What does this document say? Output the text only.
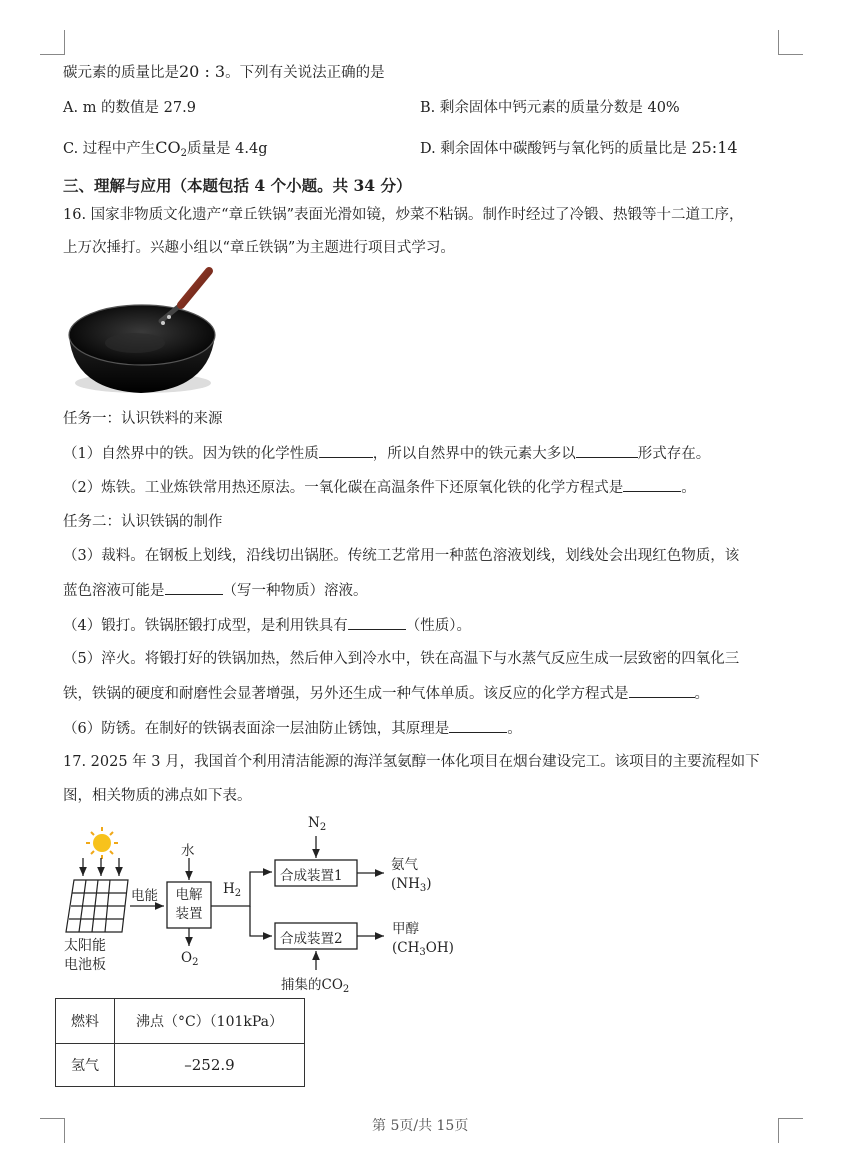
碳元素的质量比是20 : 3。下列有关说法正确的是
A. m 的数值是 27.9	B. 剩余固体中钙元素的质量分数是 40%
C. 过程中产生$CO_2$质量是 4.4g	D. 剩余固体中碳酸钙与氧化钙的质量比是 25:14
三、理解与应用（本题包括 4 个小题。共 34 分）
16. 国家非物质文化遗产“章丘铁锅”表面光滑如镜，炒菜不粘锅。制作时经过了冷锻、热锻等十二道工序，
上万次捶打。兴趣小组以“章丘铁锅”为主题进行项目式学习。
任务一：认识铁料的来源
（1）自然界中的铁。因为铁的化学性质	，所以自然界中的铁元素大多以	形式存在。
（2）炼铁。工业炼铁常用热还原法。一氧化碳在高温条件下还原氧化铁的化学方程式是	。
任务二：认识铁锅的制作
（3）裁料。在钢板上划线，沿线切出锅胚。传统工艺常用一种蓝色溶液划线，划线处会出现红色物质，该
蓝色溶液可能是	（写一种物质）溶液。
（4）锻打。铁锅胚锻打成型，是利用铁具有	（性质）。
（5）淬火。将锻打好的铁锅加热，然后伸入到冷水中，铁在高温下与水蒸气反应生成一层致密的四氧化三
铁，铁锅的硬度和耐磨性会显著增强，另外还生成一种气体单质。该反应的化学方程式是	。
（6）防锈。在制好的铁锅表面涂一层油防止锈蚀，其原理是	。
17. 2025 年 3 月，我国首个利用清洁能源的海洋氢氨醇一体化项目在烟台建设完工。该项目的主要流程如下
图，相关物质的沸点如下表。
太阳能
电池板
电能
水
电解
装置
$O_2$
$H_2$
$N_2$
合成装置1
合成装置2
氨气
$(NH_3)$
甲醇
$(CH_3OH)$
捕集的$CO_2$
燃料	沸点（°C）（101kPa）
氢气	–252.9
第 5页/共 15页
